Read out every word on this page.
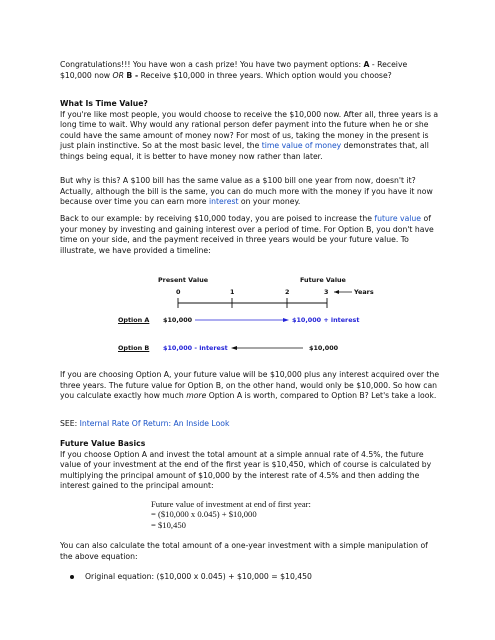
Congratulations!!! You have won a cash prize! You have two payment options: A - Receive $10,000 now OR B - Receive $10,000 in three years. Which option would you choose?

What Is Time Value?

If you're like most people, you would choose to receive the $10,000 now. After all, three years is a long time to wait. Why would any rational person defer payment into the future when he or she could have the same amount of money now? For most of us, taking the money in the present is just plain instinctive. So at the most basic level, the time value of money demonstrates that, all things being equal, it is better to have money now rather than later.

But why is this? A $100 bill has the same value as a $100 bill one year from now, doesn't it? Actually, although the bill is the same, you can do much more with the money if you have it now because over time you can earn more interest on your money.

Back to our example: by receiving $10,000 today, you are poised to increase the future value of your money by investing and gaining interest over a period of time. For Option B, you don't have time on your side, and the payment received in three years would be your future value. To illustrate, we have provided a timeline:

Present Value	Future Value
0	1	2	3	Years
Option A $10,000	$10,000 + interest
Option B $10,000 - interest	$10,000

If you are choosing Option A, your future value will be $10,000 plus any interest acquired over the three years. The future value for Option B, on the other hand, would only be $10,000. So how can you calculate exactly how much more Option A is worth, compared to Option B? Let's take a look.

SEE: Internal Rate Of Return: An Inside Look

Future Value Basics

If you choose Option A and invest the total amount at a simple annual rate of 4.5%, the future value of your investment at the end of the first year is $10,450, which of course is calculated by multiplying the principal amount of $10,000 by the interest rate of 4.5% and then adding the interest gained to the principal amount:

Future value of investment at end of first year:
= ($10,000 x 0.045) + $10,000
= $10,450

You can also calculate the total amount of a one-year investment with a simple manipulation of the above equation:

Original equation: ($10,000 x 0.045) + $10,000 = $10,450
